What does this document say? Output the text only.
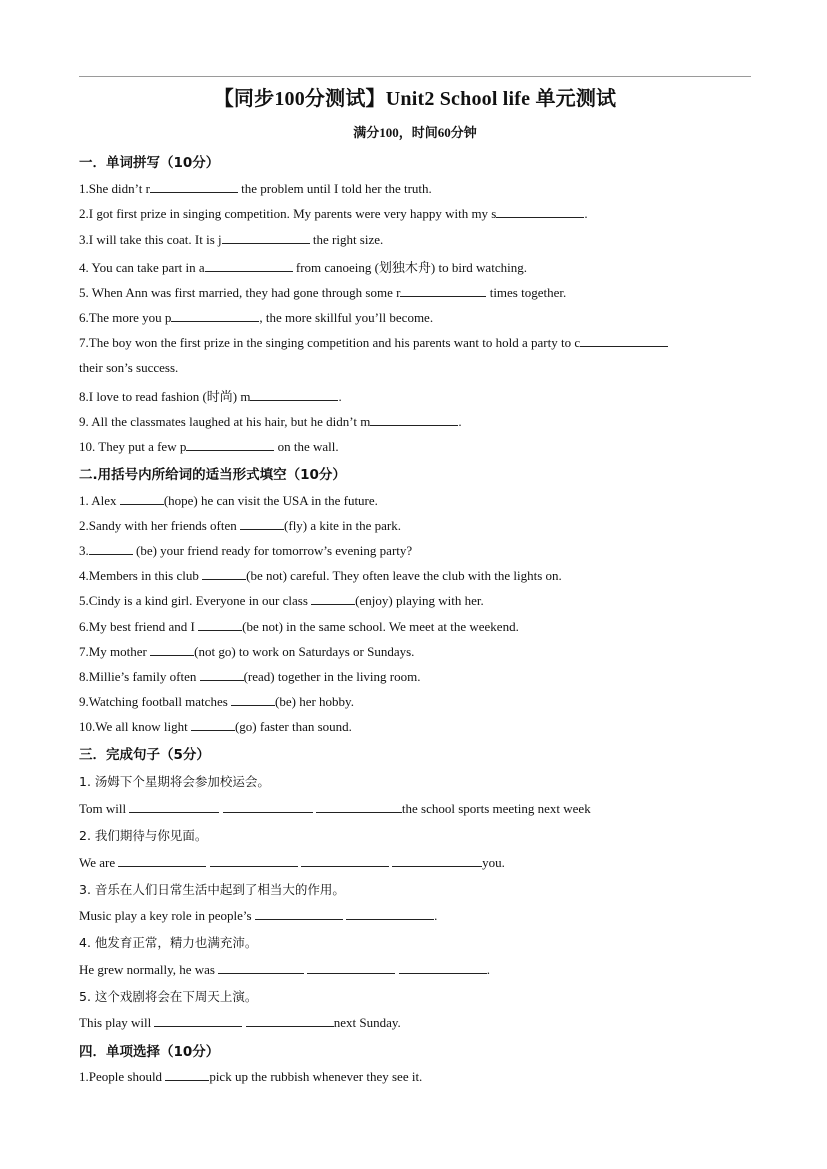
【同步100分测试】Unit2 School life 单元测试
满分100，时间60分钟
一．单词拼写（10分）
1.She didn’t r	the problem until I told her the truth.
2.I got first prize in singing competition. My parents were very happy with my s	.
3.I will take this coat. It is j	the right size.
4. You can take part in a	from canoeing (划独木舟) to bird watching.
5. When Ann was first married, they had gone through some r	times together.
6.The more you p	, the more skillful you’ll become.
7.The boy won the first prize in the singing competition and his parents want to hold a party to c
their son’s success.
8.I love to read fashion (时尚) m	.
9. All the classmates laughed at his hair, but he didn’t m	.
10. They put a few p	on the wall.
二.用括号内所给词的适当形式填空（10分）
1. Alex	(hope) he can visit the USA in the future.
2.Sandy with her friends often	(fly) a kite in the park.
3.	(be) your friend ready for tomorrow’s evening party?
4.Members in this club	(be not) careful. They often leave the club with the lights on.
5.Cindy is a kind girl. Everyone in our class	(enjoy) playing with her.
6.My best friend and I	(be not) in the same school. We meet at the weekend.
7.My mother	(not go) to work on Saturdays or Sundays.
8.Millie’s family often	(read) together in the living room.
9.Watching football matches	(be) her hobby.
10.We all know light	(go) faster than sound.
三．完成句子（5分）
1. 汤姆下个星期将会参加校运会。
Tom will	the school sports meeting next week
2. 我们期待与你见面。
We are	you.
3. 音乐在人们日常生活中起到了相当大的作用。
Music play a key role in people’s	.
4. 他发育正常，精力也满充沛。
He grew normally, he was	.
5. 这个戏剧将会在下周天上演。
This play will	next Sunday.
四．单项选择（10分）
1.People should	pick up the rubbish whenever they see it.
